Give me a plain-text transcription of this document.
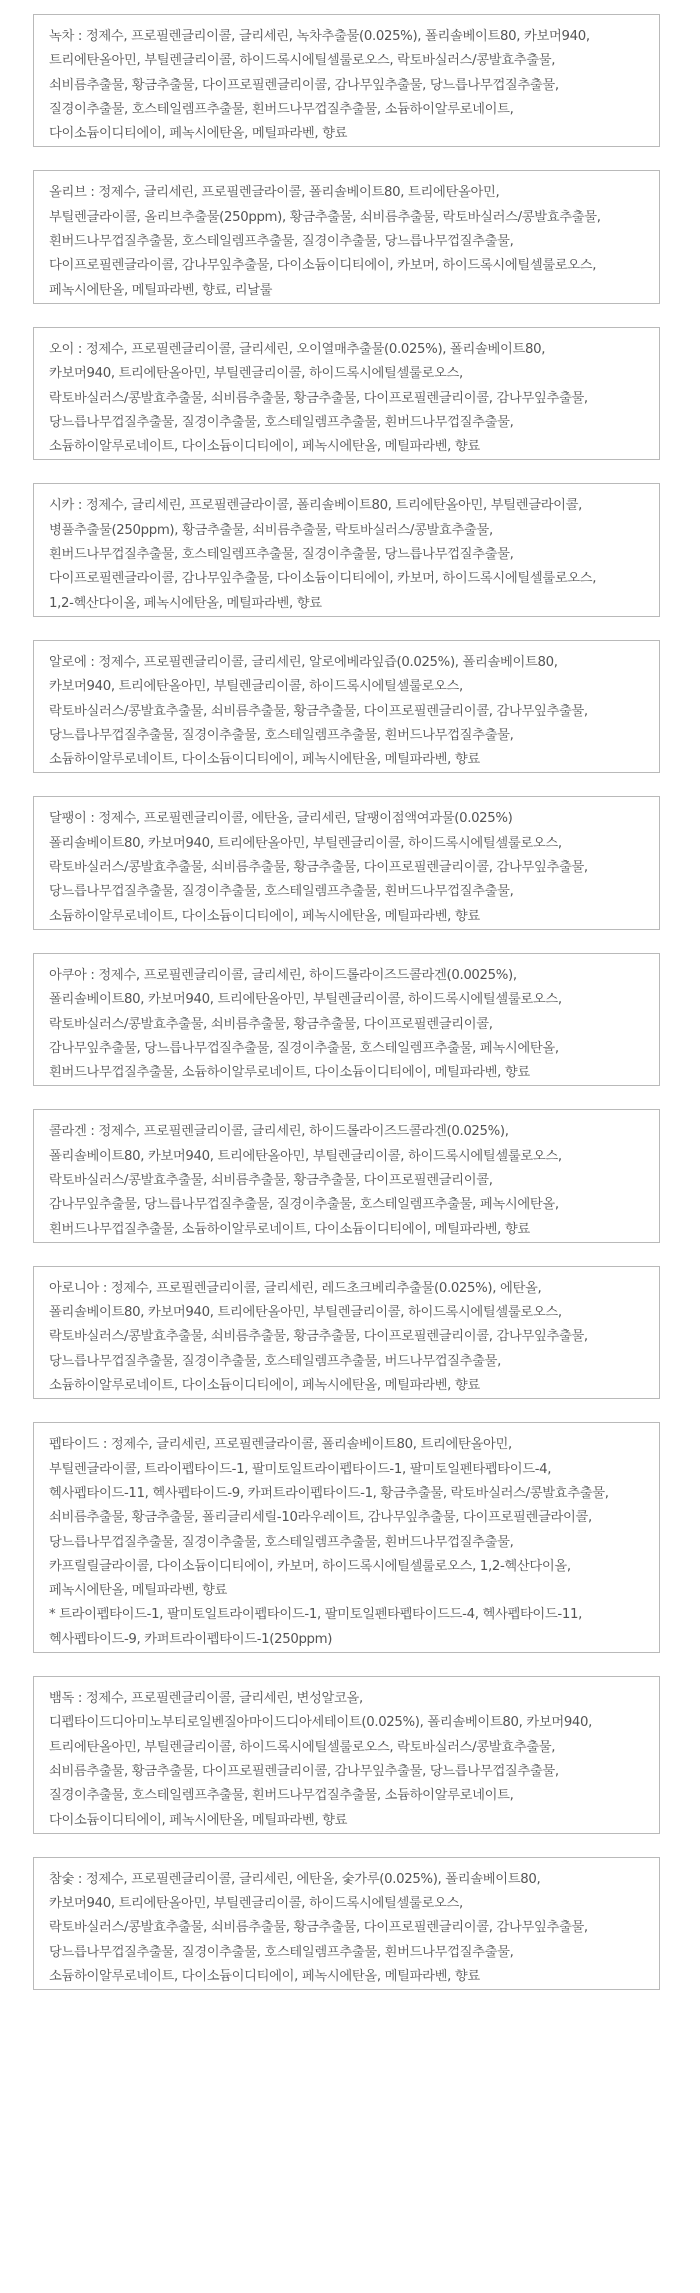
녹차 : 정제수, 프로필렌글리이콜, 글리세린, 녹차추출물(0.025%), 폴리솔베이트80, 카보머940,
트리에탄올아민, 부틸렌글리이콜, 하이드록시에틸셀룰로오스, 락토바실러스/콩발효추출물,
쇠비름추출물, 황금추출물, 다이프로필렌글리이콜, 감나무잎추출물, 당느릅나무껍질추출물,
질경이추출물, 호스테일렘프추출물, 흰버드나무껍질추출물, 소듐하이알루로네이트,
다이소듐이디티에이, 페녹시에탄올, 메틸파라벤, 향료
올리브 : 정제수, 글리세린, 프로필렌글라이콜, 폴리솔베이트80, 트리에탄올아민,
부틸렌글라이콜, 올리브추출물(250ppm), 황금추출물, 쇠비름추출물, 락토바실러스/콩발효추출물,
흰버드나무껍질추출물, 호스테일렘프추출물, 질경이추출물, 당느릅나무껍질추출물,
다이프로필렌글라이콜, 감나무잎추출물, 다이소듐이디티에이, 카보머, 하이드록시에틸셀룰로오스,
페녹시에탄올, 메틸파라벤, 향료, 리날룰
오이 : 정제수, 프로필렌글리이콜, 글리세린, 오이열매추출물(0.025%), 폴리솔베이트80,
카보머940, 트리에탄올아민, 부틸렌글리이콜, 하이드록시에틸셀룰로오스,
락토바실러스/콩발효추출물, 쇠비름추출물, 황금추출물, 다이프로필렌글리이콜, 감나무잎추출물,
당느릅나무껍질추출물, 질경이추출물, 호스테일렘프추출물, 흰버드나무껍질추출물,
소듐하이알루로네이트, 다이소듐이디티에이, 페녹시에탄올, 메틸파라벤, 향료
시카 : 정제수, 글리세린, 프로필렌글라이콜, 폴리솔베이트80, 트리에탄올아민, 부틸렌글라이콜,
병풀추출물(250ppm), 황금추출물, 쇠비름추출물, 락토바실러스/콩발효추출물,
흰버드나무껍질추출물, 호스테일렘프추출물, 질경이추출물, 당느릅나무껍질추출물,
다이프로필렌글라이콜, 감나무잎추출물, 다이소듐이디티에이, 카보머, 하이드록시에틸셀룰로오스,
1,2-헥산다이올, 페녹시에탄올, 메틸파라벤, 향료
알로에 : 정제수, 프로필렌글리이콜, 글리세린, 알로에베라잎즙(0.025%), 폴리솔베이트80,
카보머940, 트리에탄올아민, 부틸렌글리이콜, 하이드록시에틸셀룰로오스,
락토바실러스/콩발효추출물, 쇠비름추출물, 황금추출물, 다이프로필렌글리이콜, 감나무잎추출물,
당느릅나무껍질추출물, 질경이추출물, 호스테일렘프추출물, 흰버드나무껍질추출물,
소듐하이알루로네이트, 다이소듐이디티에이, 페녹시에탄올, 메틸파라벤, 향료
달팽이 : 정제수, 프로필렌글리이콜, 에탄올, 글리세린, 달팽이점액여과물(0.025%)
폴리솔베이트80, 카보머940, 트리에탄올아민, 부틸렌글리이콜, 하이드록시에틸셀룰로오스,
락토바실러스/콩발효추출물, 쇠비름추출물, 황금추출물, 다이프로필렌글리이콜, 감나무잎추출물,
당느릅나무껍질추출물, 질경이추출물, 호스테일렘프추출물, 흰버드나무껍질추출물,
소듐하이알루로네이트, 다이소듐이디티에이, 페녹시에탄올, 메틸파라벤, 향료
아쿠아 : 정제수, 프로필렌글리이콜, 글리세린, 하이드롤라이즈드콜라겐(0.0025%),
폴리솔베이트80, 카보머940, 트리에탄올아민, 부틸렌글리이콜, 하이드록시에틸셀룰로오스,
락토바실러스/콩발효추출물, 쇠비름추출물, 황금추출물, 다이프로필렌글리이콜,
감나무잎추출물, 당느릅나무껍질추출물, 질경이추출물, 호스테일렘프추출물, 페녹시에탄올,
흰버드나무껍질추출물, 소듐하이알루로네이트, 다이소듐이디티에이, 메틸파라벤, 향료
콜라겐 : 정제수, 프로필렌글리이콜, 글리세린, 하이드롤라이즈드콜라겐(0.025%),
폴리솔베이트80, 카보머940, 트리에탄올아민, 부틸렌글리이콜, 하이드록시에틸셀룰로오스,
락토바실러스/콩발효추출물, 쇠비름추출물, 황금추출물, 다이프로필렌글리이콜,
감나무잎추출물, 당느릅나무껍질추출물, 질경이추출물, 호스테일렘프추출물, 페녹시에탄올,
흰버드나무껍질추출물, 소듐하이알루로네이트, 다이소듐이디티에이, 메틸파라벤, 향료
아로니아 : 정제수, 프로필렌글리이콜, 글리세린, 레드초크베리추출물(0.025%), 에탄올,
폴리솔베이트80, 카보머940, 트리에탄올아민, 부틸렌글리이콜, 하이드록시에틸셀룰로오스,
락토바실러스/콩발효추출물, 쇠비름추출물, 황금추출물, 다이프로필렌글리이콜, 감나무잎추출물,
당느릅나무껍질추출물, 질경이추출물, 호스테일렘프추출물, 버드나무껍질추출물,
소듐하이알루로네이트, 다이소듐이디티에이, 페녹시에탄올, 메틸파라벤, 향료
펩타이드 : 정제수, 글리세린, 프로필렌글라이콜, 폴리솔베이트80, 트리에탄올아민,
부틸렌글라이콜, 트라이펩타이드-1, 팔미토일트라이펩타이드-1, 팔미토일펜타펩타이드-4,
헥사펩타이드-11, 헥사펩타이드-9, 카퍼트라이펩타이드-1, 황금추출물, 락토바실러스/콩발효추출물,
쇠비름추출물, 황금추출물, 폴리글리세릴-10라우레이트, 감나무잎추출물, 다이프로필렌글라이콜,
당느릅나무껍질추출물, 질경이추출물, 호스테일렘프추출물, 흰버드나무껍질추출물,
카프릴릴글라이콜, 다이소듐이디티에이, 카보머, 하이드록시에틸셀룰로오스, 1,2-헥산다이올,
페녹시에탄올, 메틸파라벤, 향료
* 트라이펩타이드-1, 팔미토일트라이펩타이드-1, 팔미토일펜타펩타이드드-4, 헥사펩타이드-11,
헥사펩타이드-9, 카퍼트라이펩타이드-1(250ppm)
뱀독 : 정제수, 프로필렌글리이콜, 글리세린, 변성알코올,
디펩타이드디아미노부티로일벤질아마이드디아세테이트(0.025%), 폴리솔베이트80, 카보머940,
트리에탄올아민, 부틸렌글리이콜, 하이드록시에틸셀룰로오스, 락토바실러스/콩발효추출물,
쇠비름추출물, 황금추출물, 다이프로필렌글리이콜, 감나무잎추출물, 당느릅나무껍질추출물,
질경이추출물, 호스테일렘프추출물, 흰버드나무껍질추출물, 소듐하이알루로네이트,
다이소듐이디티에이, 페녹시에탄올, 메틸파라벤, 향료
참숯 : 정제수, 프로필렌글리이콜, 글리세린, 에탄올, 숯가루(0.025%), 폴리솔베이트80,
카보머940, 트리에탄올아민, 부틸렌글리이콜, 하이드록시에틸셀룰로오스,
락토바실러스/콩발효추출물, 쇠비름추출물, 황금추출물, 다이프로필렌글리이콜, 감나무잎추출물,
당느릅나무껍질추출물, 질경이추출물, 호스테일렘프추출물, 흰버드나무껍질추출물,
소듐하이알루로네이트, 다이소듐이디티에이, 페녹시에탄올, 메틸파라벤, 향료
